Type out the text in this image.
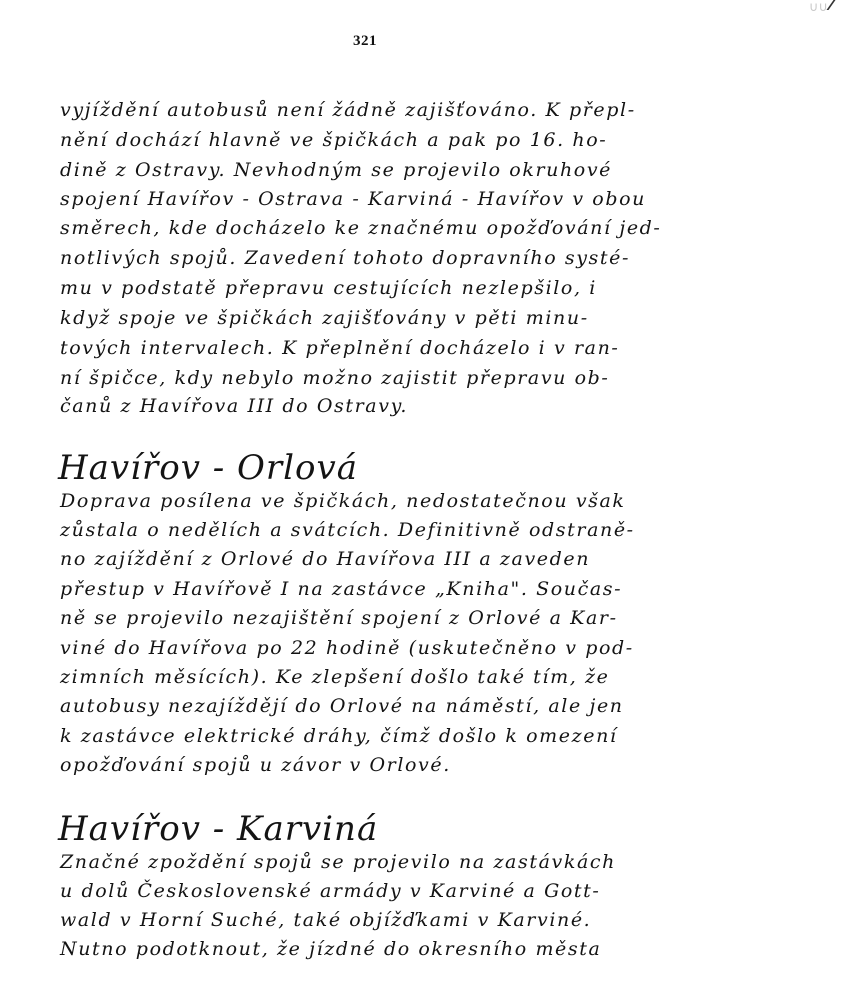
321
∪∪
vyjíždění autobusů není žádně zajišťováno. K přepl-
nění dochází hlavně ve špičkách a pak po 16. ho-
dině z Ostravy. Nevhodným se projevilo okruhové
spojení Havířov - Ostrava - Karviná - Havířov v obou
směrech, kde docházelo ke značnému opožďování jed-
notlivých spojů. Zavedení tohoto dopravního systé-
mu v podstatě přepravu cestujících nezlepšilo, i
když spoje ve špičkách zajišťovány v pěti minu-
tových intervalech. K přeplnění docházelo i v ran-
ní špičce, kdy nebylo možno zajistit přepravu ob-
čanů z Havířova III do Ostravy.
Havířov - Orlová
Doprava posílena ve špičkách, nedostatečnou však
zůstala o nedělích a svátcích. Definitivně odstraně-
no zajíždění z Orlové do Havířova III a zaveden
přestup v Havířově I na zastávce „Kniha". Součas-
ně se projevilo nezajištění spojení z Orlové a Kar-
viné do Havířova po 22 hodině (uskutečněno v pod-
zimních měsících). Ke zlepšení došlo také tím, že
autobusy nezajíždějí do Orlové na náměstí, ale jen
k zastávce elektrické dráhy, čímž došlo k omezení
opožďování spojů u závor v Orlové.
Havířov - Karviná
Značné zpoždění spojů se projevilo na zastávkách
u dolů Československé armády v Karviné a Gott-
wald v Horní Suché, také objížďkami v Karviné.
Nutno podotknout, že jízdné do okresního města
